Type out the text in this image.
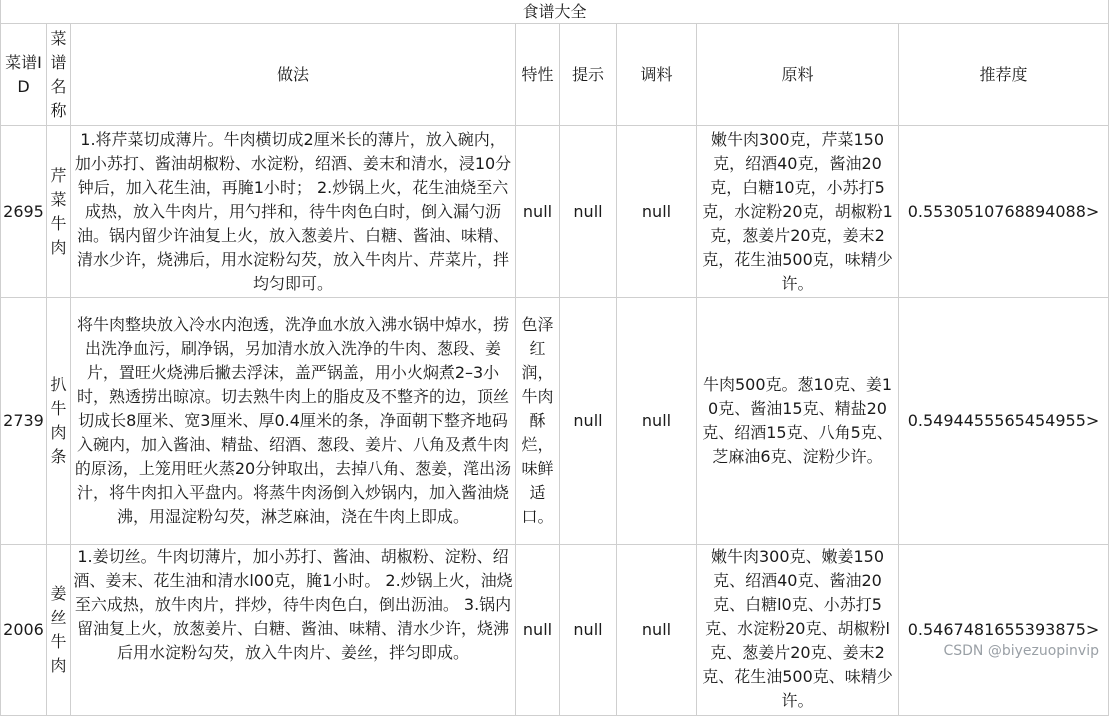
食谱大全							
菜谱ID	菜谱名称	做法	特性	提示	调料	原料	推荐度
2695	芹菜牛肉	1.将芹菜切成薄片。牛肉横切成2厘米长的薄片，放入碗内，加小苏打、酱油胡椒粉、水淀粉，绍酒、姜末和清水，浸10分钟后，加入花生油，再腌1小时； 2.炒锅上火，花生油烧至六成热，放入牛肉片，用勺拌和，待牛肉色白时，倒入漏勺沥油。锅内留少许油复上火，放入葱姜片、白糖、酱油、味精、清水少许，烧沸后，用水淀粉勾芡，放入牛肉片、芹菜片，拌均匀即可。	null	null	null	嫩牛肉300克，芹菜150克，绍酒40克，酱油20克，白糖10克，小苏打5克，水淀粉20克，胡椒粉1克，葱姜片20克，姜末2克，花生油500克，味精少许。	0.5530510768894088>
2739	扒牛肉条	将牛肉整块放入冷水内泡透，洗净血水放入沸水锅中焯水，捞出洗净血污，刷净锅，另加清水放入洗净的牛肉、葱段、姜片，置旺火烧沸后撇去浮沫，盖严锅盖，用小火焖煮2–3小时，熟透捞出晾凉。切去熟牛肉上的脂皮及不整齐的边，顶丝切成长8厘米、宽3厘米、厚0.4厘米的条，净面朝下整齐地码入碗内，加入酱油、精盐、绍酒、葱段、姜片、八角及煮牛肉的原汤，上笼用旺火蒸20分钟取出，去掉八角、葱姜，滗出汤汁，将牛肉扣入平盘内。将蒸牛肉汤倒入炒锅内，加入酱油烧沸，用湿淀粉勾芡，淋芝麻油，浇在牛肉上即成。	色泽红润，牛肉酥烂，味鲜适口。	null	null	牛肉500克。葱10克、姜10克、酱油15克、精盐20克、绍酒15克、八角5克、芝麻油6克、淀粉少许。	0.5494455565454955>
2006	姜丝牛肉	1.姜切丝。牛肉切薄片，加小苏打、酱油、胡椒粉、淀粉、绍酒、姜末、花生油和清水l00克，腌1小时。 2.炒锅上火，油烧至六成热，放牛肉片，拌炒，待牛肉色白，倒出沥油。 3.锅内留油复上火，放葱姜片、白糖、酱油、味精、清水少许，烧沸后用水淀粉勾芡，放入牛肉片、姜丝，拌匀即成。	null	null	null	嫩牛肉300克、嫩姜150克、绍酒40克、酱油20克、白糖l0克、小苏打5克、水淀粉20克、胡椒粉l克、葱姜片20克、姜末2克、花生油500克、味精少许。	0.5467481655393875>
CSDN @biyezuopinvip
